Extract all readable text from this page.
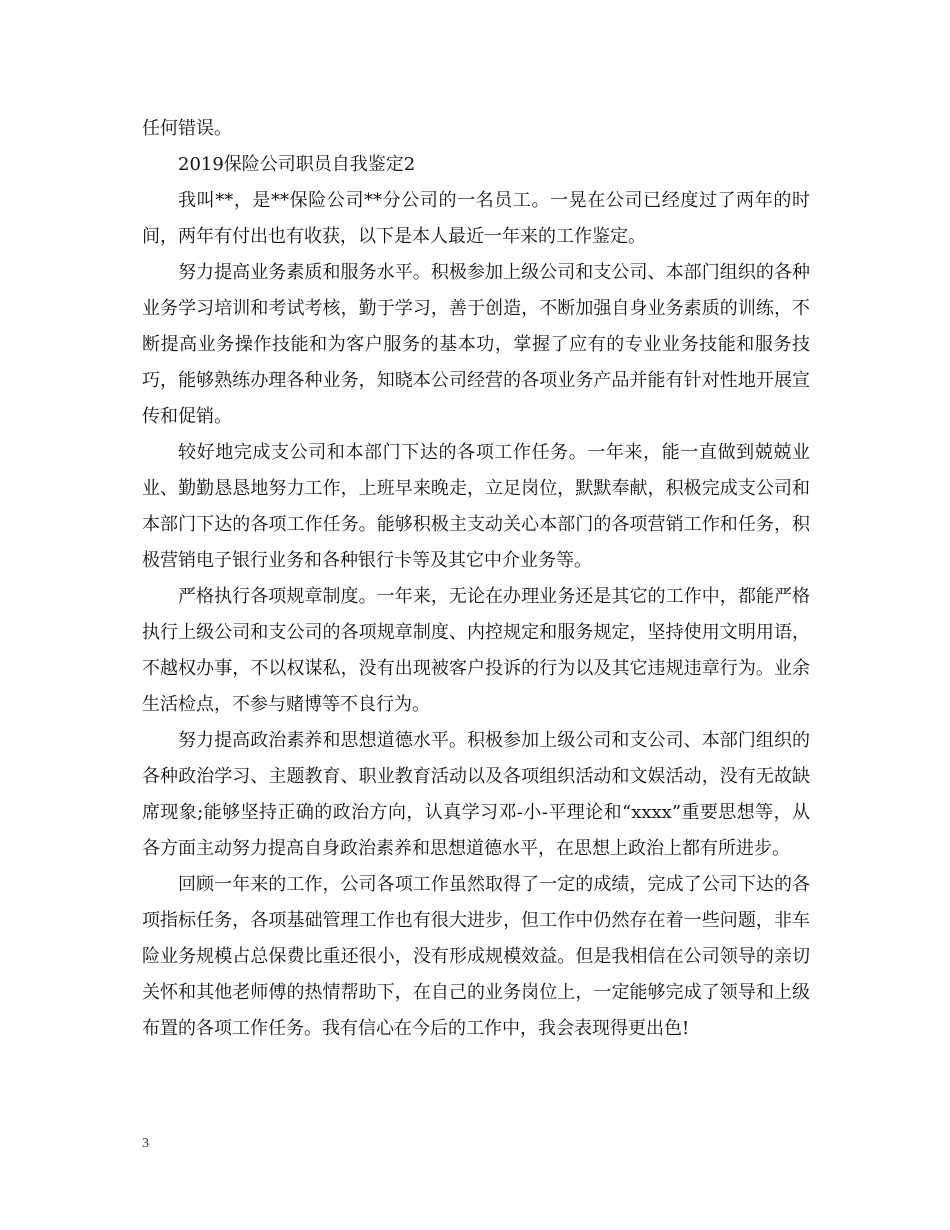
任何错误。

2019保险公司职员自我鉴定2

我叫**，是**保险公司**分公司的一名员工。一晃在公司已经度过了两年的时间，两年有付出也有收获，以下是本人最近一年来的工作鉴定。

努力提高业务素质和服务水平。积极参加上级公司和支公司、本部门组织的各种业务学习培训和考试考核，勤于学习，善于创造，不断加强自身业务素质的训练，不断提高业务操作技能和为客户服务的基本功，掌握了应有的专业业务技能和服务技巧，能够熟练办理各种业务，知晓本公司经营的各项业务产品并能有针对性地开展宣传和促销。

较好地完成支公司和本部门下达的各项工作任务。一年来，能一直做到兢兢业业、勤勤恳恳地努力工作，上班早来晚走，立足岗位，默默奉献，积极完成支公司和本部门下达的各项工作任务。能够积极主支动关心本部门的各项营销工作和任务，积极营销电子银行业务和各种银行卡等及其它中介业务等。

严格执行各项规章制度。一年来，无论在办理业务还是其它的工作中，都能严格执行上级公司和支公司的各项规章制度、内控规定和服务规定，坚持使用文明用语，不越权办事，不以权谋私，没有出现被客户投诉的行为以及其它违规违章行为。业余生活检点，不参与赌博等不良行为。

努力提高政治素养和思想道德水平。积极参加上级公司和支公司、本部门组织的各种政治学习、主题教育、职业教育活动以及各项组织活动和文娱活动，没有无故缺席现象;能够坚持正确的政治方向，认真学习邓-小-平理论和“xxxx”重要思想等，从各方面主动努力提高自身政治素养和思想道德水平，在思想上政治上都有所进步。

回顾一年来的工作，公司各项工作虽然取得了一定的成绩，完成了公司下达的各项指标任务，各项基础管理工作也有很大进步，但工作中仍然存在着一些问题，非车险业务规模占总保费比重还很小，没有形成规模效益。但是我相信在公司领导的亲切关怀和其他老师傅的热情帮助下，在自己的业务岗位上，一定能够完成了领导和上级布置的各项工作任务。我有信心在今后的工作中，我会表现得更出色!

3
